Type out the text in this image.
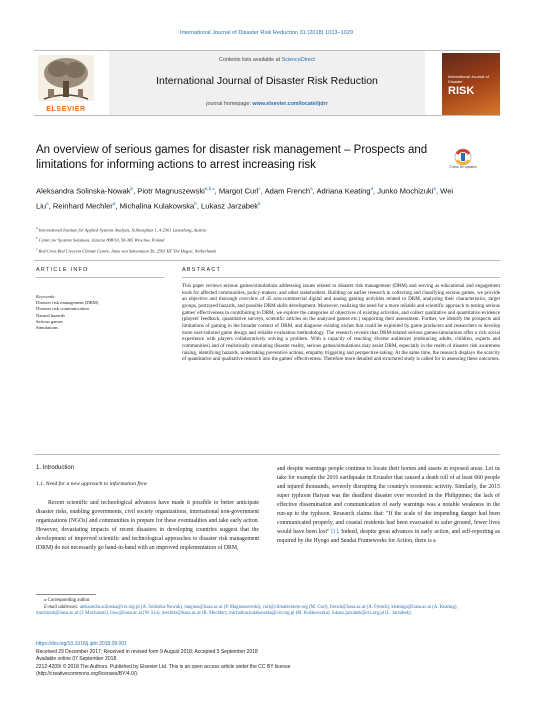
International Journal of Disaster Risk Reduction 31 (2018) 1013–1029
ELSEVIER
Contents lists available at ScienceDirect
International Journal of Disaster Risk Reduction
journal homepage: www.elsevier.com/locate/ijdrr
International Journal of Disaster
RISK
An overview of serious games for disaster risk management – Prospects and limitations for informing actions to arrest increasing risk	Check for updates
Aleksandra Solinska-Nowak$^b$, Piotr Magnuszewski$^{a,b,⁎}$, Margot Curl$^c$, Adam French$^a$, Adriana Keating$^a$, Junko Mochizuki$^a$, Wei Liu$^a$, Reinhard Mechler$^a$, Michalina Kulakowska$^b$, Lukasz Jarzabek$^b$
$^a$ International Institute for Applied Systems Analysis, Schlossplatz 1, A-2361 Laxenburg, Austria
$^b$ Centre for Systems Solutions, Jaracza 808/10, 50-305 Wroclaw, Poland
$^c$ Red Cross Red Crescent Climate Centre, Anna van Saksenlaan 50, 2593 HT The Hague, Netherlands
ARTICLE INFO	ABSTRACT
Keywords:
Disaster risk management (DRM)
Disaster risk communication
Natural hazards
Serious games
Simulations
This paper reviews serious games/simulations addressing issues related to disaster risk management (DRM) and serving as educational and engagement tools for affected communities, policy-makers, and other stakeholders. Building on earlier research in collecting and classifying serious games, we provide an objective and thorough overview of 45 non-commercial digital and analog gaming activities related to DRM, analyzing their characteristics, target groups, portrayed hazards, and possible DRM skills development. Moreover, realizing the need for a more reliable and scientific approach to testing serious games' effectiveness in contributing to DRM, we explore the categories of objectives of existing activities, and collect qualitative and quantitative evidence (players' feedback, quantitative surveys, scientific articles on the analyzed games etc.) supporting their assessment. Further, we identify the prospects and limitations of gaming in the broader context of DRM, and diagnose existing niches that could be exploited by game producers and researchers to develop more user-tailored game design and reliable evaluation methodology. The research reveals that DRM-related serious games/simulations offer a rich social experience with players collaboratively solving a problem. With a capacity of reaching diverse audiences (embracing adults, children, experts and communities) and of realistically simulating disaster reality, serious games/simulations may assist DRM, especially in the realm of disaster risk awareness raising, identifying hazards, undertaking preventive actions, empathy triggering and perspective-taking. At the same time, the research displays the scarcity of quantitative and qualitative research into the games' effectiveness. Therefore more detailed and structured study is called for in assessing these outcomes.
1. Introduction
1.1. Need for a new approach to information flow
Recent scientific and technological advances have made it possible to better anticipate disaster risks, enabling governments, civil society organizations, international non-government organizations (NGOs) and communities to prepare for these eventualities and take early action. However, devastating impacts of recent disasters in developing countries suggest that the development of improved scientific and technological approaches to disaster risk management (DRM) do not necessarily go hand-in-hand with an improved implementation of DRM,
and despite warnings people continue to locate their homes and assets in exposed areas. Let us take for example the 2016 earthquake in Ecuador that caused a death toll of at least 660 people and injured thousands, severely disrupting the country's economic activity. Similarly, the 2015 super typhoon Haiyan was the deadliest disaster ever recorded in the Philippines; the lack of effective dissemination and communication of early warnings was a notable weakness in the run-up to the typhoon. Research claims that: "If the scale of the impending danger had been communicated properly, and coastal residents had been evacuated to safer ground, fewer lives would have been lost" [1]. Indeed, despite great advances in early action, and self-reporting as required by the Hyogo and Sendai Frameworks for Action, there is a
⁎ Corresponding author.
E-mail addresses: aleksandra.solinska@crs.org.pl (A. Solinska-Nowak), magnus@iiasa.ac.at (P. Magnuszewski), curl@climatecentre.org (M. Curl), french@iiasa.ac.at (A. French), keatinga@iiasa.ac.at (A. Keating), mochizuk@iiasa.ac.at (J. Mochizuki), liuw@iiasa.ac.at (W. Liu), mechler@iiasa.ac.at (R. Mechler), michalina.kulakowska@crs.org.pl (M. Kulakowska), lukasz.jarzabek@crs.org.pl (L. Jarzabek).
https://doi.org/10.1016/j.ijdrr.2018.09.001
Received 29 December 2017; Received in revised form 9 August 2018; Accepted 3 September 2018
Available online 07 September 2018
2212-4209/ © 2018 The Authors. Published by Elsevier Ltd. This is an open access article under the CC BY license
(http://creativecommons.org/licenses/BY/4.0/).
